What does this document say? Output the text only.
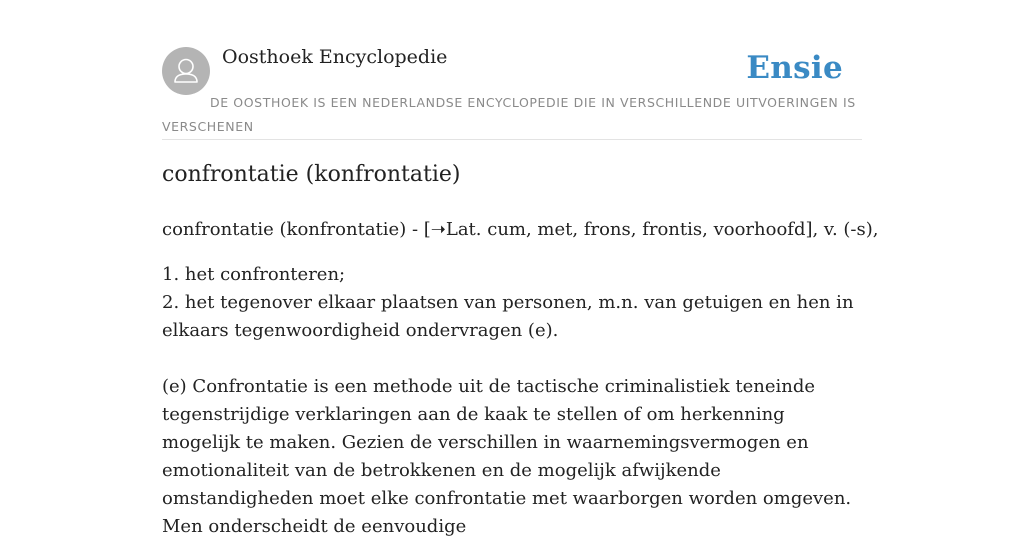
Oosthoek Encyclopedie	Ensie
DE OOSTHOEK IS EEN NEDERLANDSE ENCYCLOPEDIE DIE IN VERSCHILLENDE UITVOERINGEN IS VERSCHENEN
confrontatie (konfrontatie)

confrontatie (konfrontatie) - [➝Lat. cum, met, frons, frontis, voorhoofd], v. (-s),

1. het confronteren;
2. het tegenover elkaar plaatsen van personen, m.n. van getuigen en hen in elkaars tegenwoordigheid ondervragen (e).

(e) Confrontatie is een methode uit de tactische criminalistiek teneinde tegenstrijdige verklaringen aan de kaak te stellen of om herkenning mogelijk te maken. Gezien de verschillen in waarnemingsvermogen en emotionaliteit van de betrokkenen en de mogelijk afwijkende omstandigheden moet elke confrontatie met waarborgen worden omgeven. Men onderscheidt de eenvoudige
